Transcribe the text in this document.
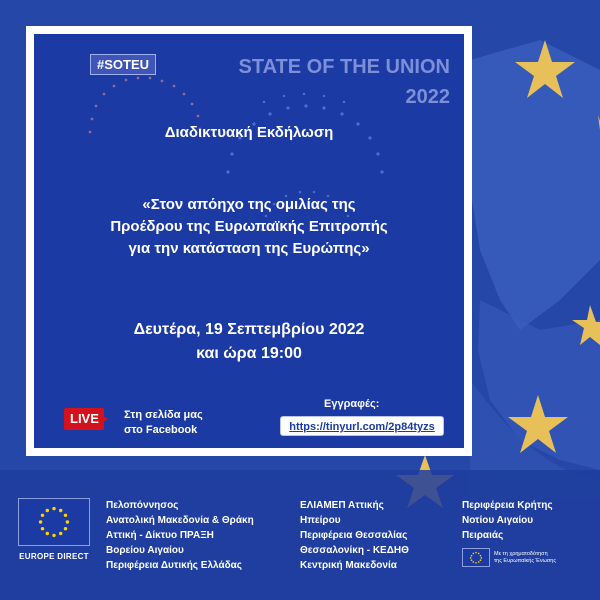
#SOTEU	STATE OF THE UNION
2022
Διαδικτυακή Εκδήλωση
«Στον απόηχο της ομιλίας της
Προέδρου της Ευρωπαϊκής Επιτροπής
για την κατάσταση της Ευρώπης»
Δευτέρα, 19 Σεπτεμβρίου 2022
και ώρα 19:00
LIVE	Στη σελίδα μας
στο Facebook
Εγγραφές:
https://tinyurl.com/2p84tyzs
EUROPE DIRECT
Πελοπόννησος
Ανατολική Μακεδονία & Θράκη
Αττική - Δίκτυο ΠΡΑΞΗ
Βορείου Αιγαίου
Περιφέρεια Δυτικής Ελλάδας
ΕΛΙΑΜΕΠ Αττικής
Ηπείρου
Περιφέρεια Θεσσαλίας
Θεσσαλονίκη - ΚΕΔΗΘ
Κεντρική Μακεδονία
Περιφέρεια Κρήτης
Νοτίου Αιγαίου
Πειραιάς
Με τη χρηματοδότηση
της Ευρωπαϊκής Ένωσης
